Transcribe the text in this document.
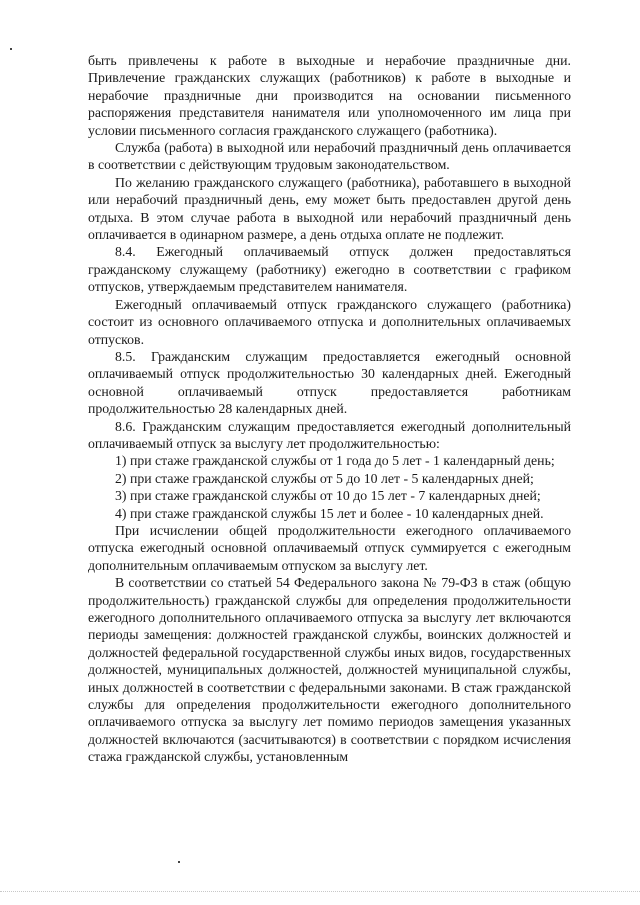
быть привлечены к работе в выходные и нерабочие праздничные дни. Привлечение гражданских служащих (работников) к работе в выходные и нерабочие праздничные дни производится на основании письменного распоряжения представителя нанимателя или уполномоченного им лица при условии письменного согласия гражданского служащего (работника).

Служба (работа) в выходной или нерабочий праздничный день оплачивается в соответствии с действующим трудовым законодательством.

По желанию гражданского служащего (работника), работавшего в выходной или нерабочий праздничный день, ему может быть предоставлен другой день отдыха. В этом случае работа в выходной или нерабочий праздничный день оплачивается в одинарном размере, а день отдыха оплате не подлежит.

8.4. Ежегодный оплачиваемый отпуск должен предоставляться гражданскому служащему (работнику) ежегодно в соответствии с графиком отпусков, утверждаемым представителем нанимателя.

Ежегодный оплачиваемый отпуск гражданского служащего (работника) состоит из основного оплачиваемого отпуска и дополнительных оплачиваемых отпусков.

8.5. Гражданским служащим предоставляется ежегодный основной оплачиваемый отпуск продолжительностью 30 календарных дней. Ежегодный основной оплачиваемый отпуск предоставляется работникам продолжительностью 28 календарных дней.

8.6. Гражданским служащим предоставляется ежегодный дополнительный оплачиваемый отпуск за выслугу лет продолжительностью:

1) при стаже гражданской службы от 1 года до 5 лет - 1 календарный день;

2) при стаже гражданской службы от 5 до 10 лет - 5 календарных дней;

3) при стаже гражданской службы от 10 до 15 лет - 7 календарных дней;

4) при стаже гражданской службы 15 лет и более - 10 календарных дней.

При исчислении общей продолжительности ежегодного оплачиваемого отпуска ежегодный основной оплачиваемый отпуск суммируется с ежегодным дополнительным оплачиваемым отпуском за выслугу лет.

В соответствии со статьей 54 Федерального закона № 79-ФЗ в стаж (общую продолжительность) гражданской службы для определения продолжительности ежегодного дополнительного оплачиваемого отпуска за выслугу лет включаются периоды замещения: должностей гражданской службы, воинских должностей и должностей федеральной государственной службы иных видов, государственных должностей, муниципальных должностей, должностей муниципальной службы, иных должностей в соответствии с федеральными законами. В стаж гражданской службы для определения продолжительности ежегодного дополнительного оплачиваемого отпуска за выслугу лет помимо периодов замещения указанных должностей включаются (засчитываются) в соответствии с порядком исчисления стажа гражданской службы, установленным
